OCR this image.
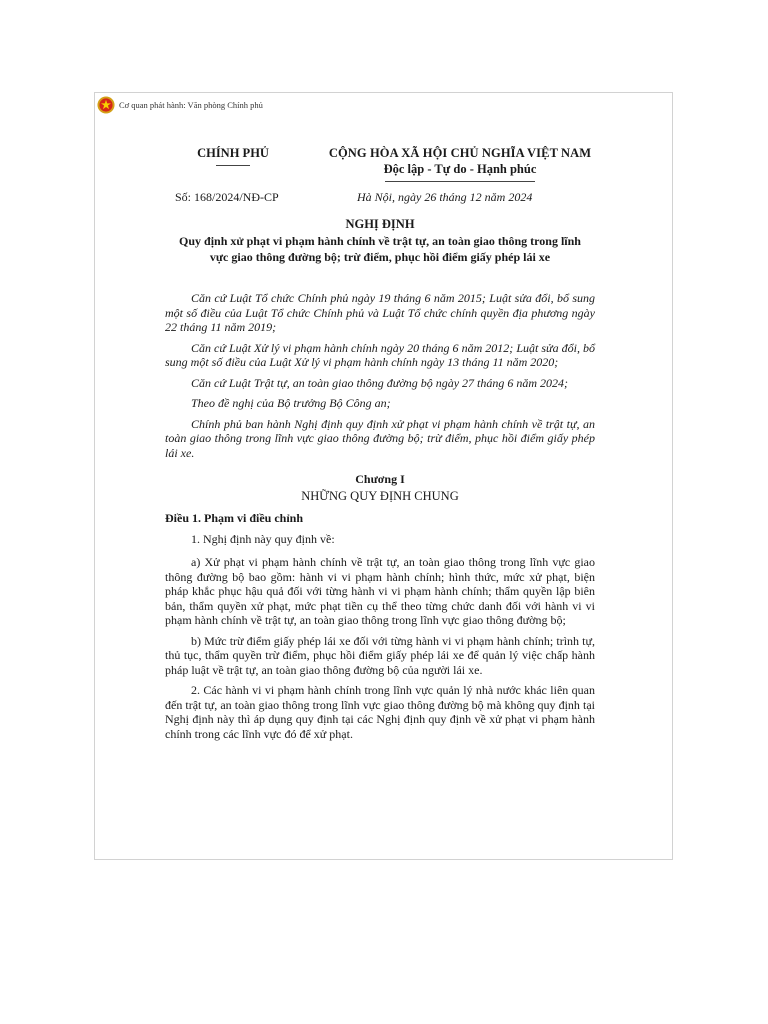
Cơ quan phát hành: Văn phòng Chính phủ
CHÍNH PHỦ	CỘNG HÒA XÃ HỘI CHỦ NGHĨA VIỆT NAM
Độc lập - Tự do - Hạnh phúc
Số: 168/2024/NĐ-CP	Hà Nội, ngày 26 tháng 12 năm 2024
NGHỊ ĐỊNH
Quy định xử phạt vi phạm hành chính về trật tự, an toàn giao thông trong lĩnh vực giao thông đường bộ; trừ điểm, phục hồi điểm giấy phép lái xe

Căn cứ Luật Tổ chức Chính phủ ngày 19 tháng 6 năm 2015; Luật sửa đổi, bổ sung một số điều của Luật Tổ chức Chính phủ và Luật Tổ chức chính quyền địa phương ngày 22 tháng 11 năm 2019;

Căn cứ Luật Xử lý vi phạm hành chính ngày 20 tháng 6 năm 2012; Luật sửa đổi, bổ sung một số điều của Luật Xử lý vi phạm hành chính ngày 13 tháng 11 năm 2020;

Căn cứ Luật Trật tự, an toàn giao thông đường bộ ngày 27 tháng 6 năm 2024;

Theo đề nghị của Bộ trưởng Bộ Công an;

Chính phủ ban hành Nghị định quy định xử phạt vi phạm hành chính về trật tự, an toàn giao thông trong lĩnh vực giao thông đường bộ; trừ điểm, phục hồi điểm giấy phép lái xe.

Chương I
NHỮNG QUY ĐỊNH CHUNG
Điều 1. Phạm vi điều chỉnh

1. Nghị định này quy định về:

a) Xử phạt vi phạm hành chính về trật tự, an toàn giao thông trong lĩnh vực giao thông đường bộ bao gồm: hành vi vi phạm hành chính; hình thức, mức xử phạt, biện pháp khắc phục hậu quả đối với từng hành vi vi phạm hành chính; thẩm quyền lập biên bản, thẩm quyền xử phạt, mức phạt tiền cụ thể theo từng chức danh đối với hành vi vi phạm hành chính về trật tự, an toàn giao thông trong lĩnh vực giao thông đường bộ;

b) Mức trừ điểm giấy phép lái xe đối với từng hành vi vi phạm hành chính; trình tự, thủ tục, thẩm quyền trừ điểm, phục hồi điểm giấy phép lái xe để quản lý việc chấp hành pháp luật về trật tự, an toàn giao thông đường bộ của người lái xe.

2. Các hành vi vi phạm hành chính trong lĩnh vực quản lý nhà nước khác liên quan đến trật tự, an toàn giao thông trong lĩnh vực giao thông đường bộ mà không quy định tại Nghị định này thì áp dụng quy định tại các Nghị định quy định về xử phạt vi phạm hành chính trong các lĩnh vực đó để xử phạt.
